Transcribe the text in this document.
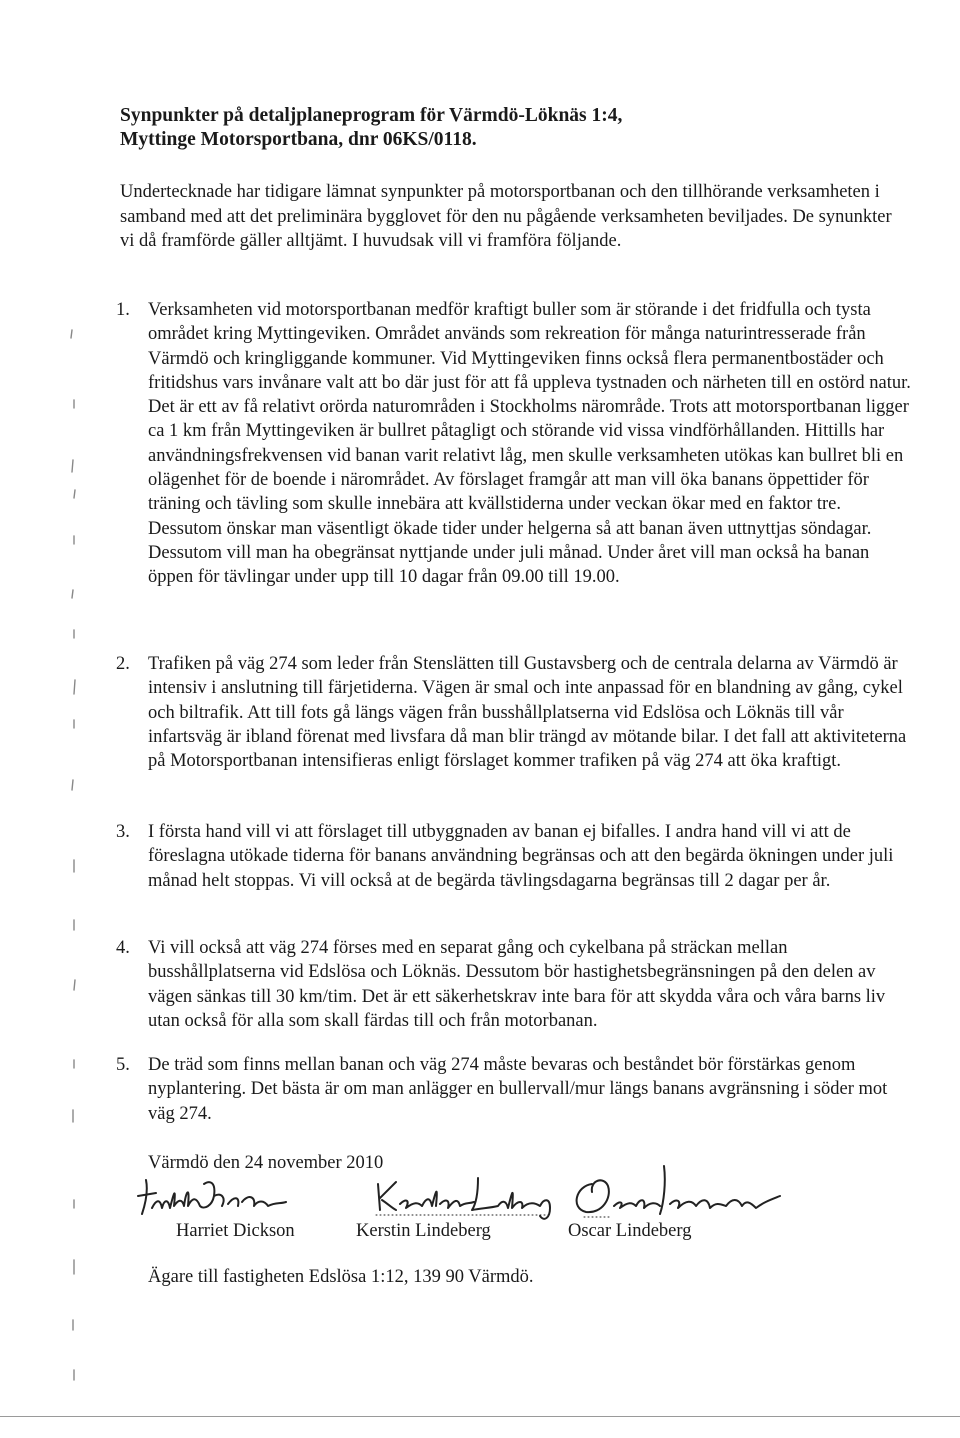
Synpunkter på detaljplaneprogram för Värmdö-Löknäs 1:4,
Myttinge Motorsportbana, dnr 06KS/0118.

Undertecknade har tidigare lämnat synpunkter på motorsportbanan och den tillhörande verksamheten i samband med att det preliminära bygglovet för den nu pågående verksamheten beviljades. De synunkter vi då framförde gäller alltjämt. I huvudsak vill vi framföra följande.

1. Verksamheten vid motorsportbanan medför kraftigt buller som är störande i det fridfulla och tysta området kring Myttingeviken. Området används som rekreation för många naturintresserade från Värmdö och kringliggande kommuner. Vid Myttingeviken finns också flera permanentbostäder och fritidshus vars invånare valt att bo där just för att få uppleva tystnaden och närheten till en ostörd natur. Det är ett av få relativt orörda naturområden i Stockholms närområde. Trots att motorsportbanan ligger ca 1 km från Myttingeviken är bullret påtagligt och störande vid vissa vindförhållanden. Hittills har användningsfrekvensen vid banan varit relativt låg, men skulle verksamheten utökas kan bullret bli en olägenhet för de boende i närområdet. Av förslaget framgår att man vill öka banans öppettider för träning och tävling som skulle innebära att kvällstiderna under veckan ökar med en faktor tre. Dessutom önskar man väsentligt ökade tider under helgerna så att banan även uttnyttjas söndagar. Dessutom vill man ha obegränsat nyttjande under juli månad. Under året vill man också ha banan öppen för tävlingar under upp till 10 dagar från 09.00 till 19.00.
2. Trafiken på väg 274 som leder från Stenslätten till Gustavsberg och de centrala delarna av Värmdö är intensiv i anslutning till färjetiderna. Vägen är smal och inte anpassad för en blandning av gång, cykel och biltrafik. Att till fots gå längs vägen från busshållplatserna vid Edslösa och Löknäs till vår infartsväg är ibland förenat med livsfara då man blir trängd av mötande bilar. I det fall att aktiviteterna på Motorsportbanan intensifieras enligt förslaget kommer trafiken på väg 274 att öka kraftigt.
3. I första hand vill vi att förslaget till utbyggnaden av banan ej bifalles. I andra hand vill vi att de föreslagna utökade tiderna för banans användning begränsas och att den begärda ökningen under juli månad helt stoppas. Vi vill också at de begärda tävlingsdagarna begränsas till 2 dagar per år.
4. Vi vill också att väg 274 förses med en separat gång och cykelbana på sträckan mellan busshållplatserna vid Edslösa och Löknäs. Dessutom bör hastighetsbegränsningen på den delen av vägen sänkas till 30 km/tim. Det är ett säkerhetskrav inte bara för att skydda våra och våra barns liv utan också för alla som skall färdas till och från motorbanan.
5. De träd som finns mellan banan och väg 274 måste bevaras och beståndet bör förstärkas genom nyplantering. Det bästa är om man anlägger en bullervall/mur längs banans avgränsning i söder mot väg 274.
Värmdö den 24 november 2010
Harriet Dickson	Kerstin Lindeberg	Oscar Lindeberg
Ägare till fastigheten Edslösa 1:12, 139 90 Värmdö.
